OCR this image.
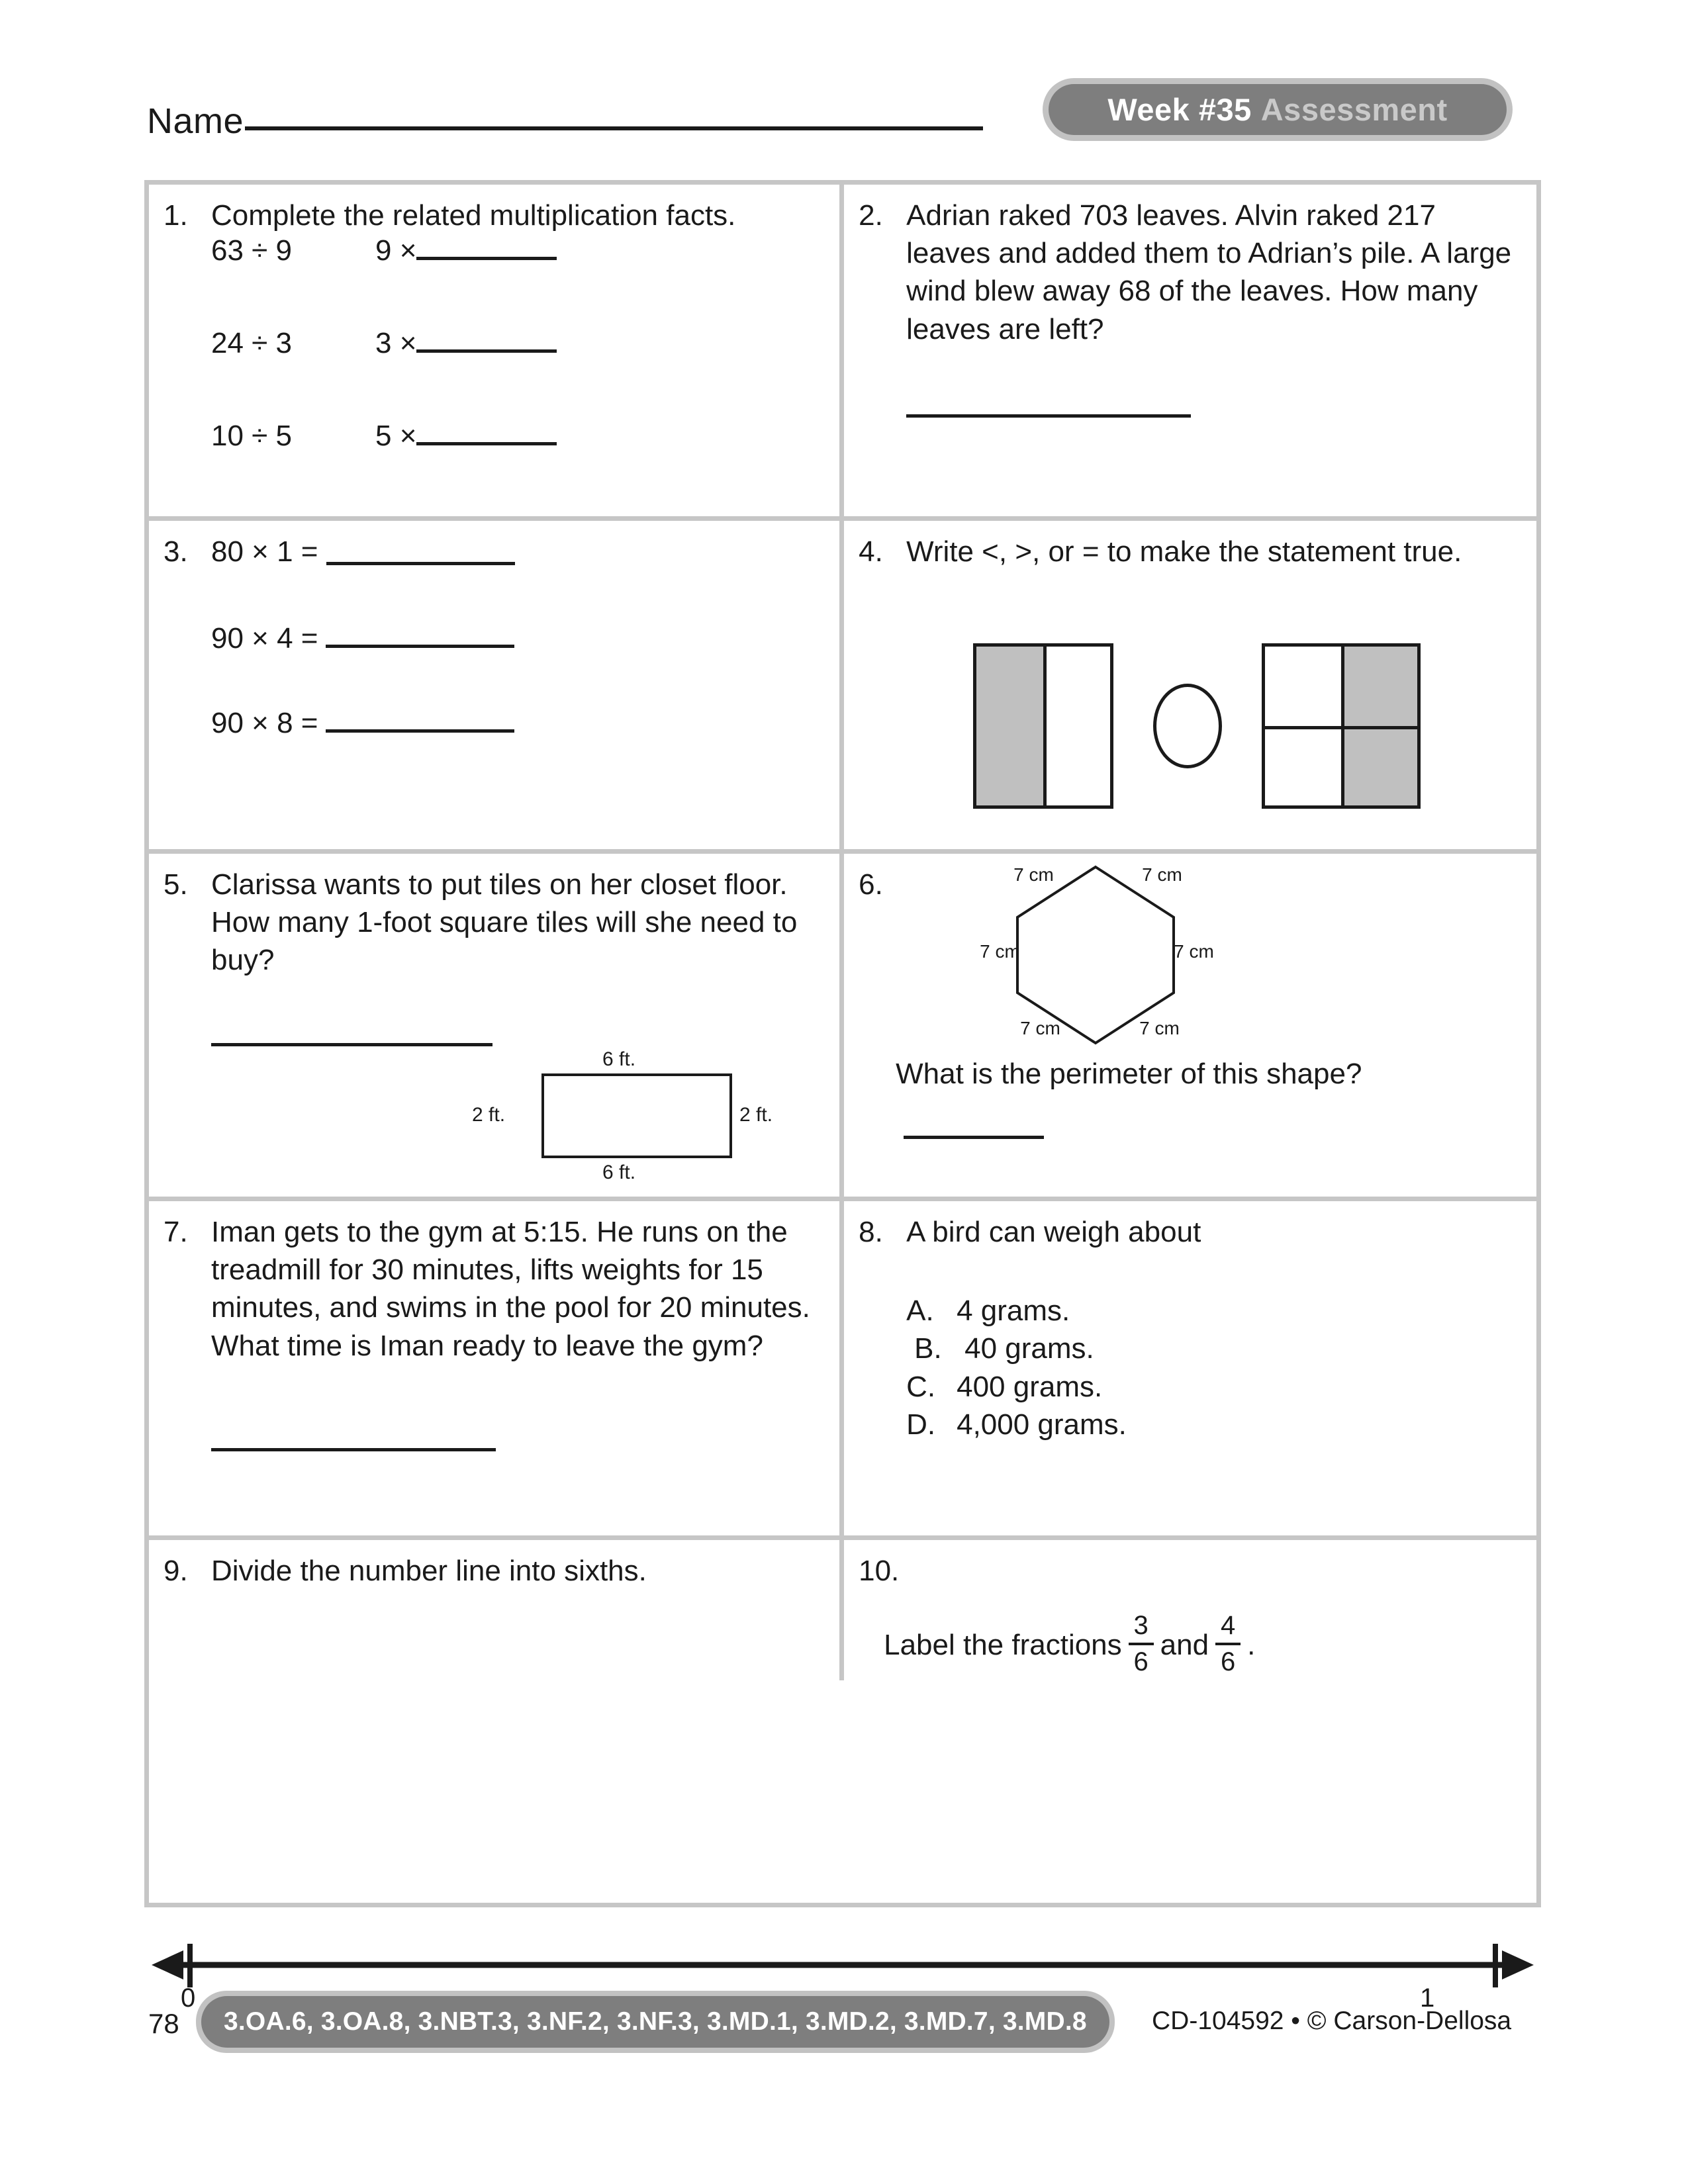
Name	Week #35 Assessment
1. Complete the related multiplication facts.
63 ÷ 9	9 ×
24 ÷ 3	3 ×
10 ÷ 5	5 ×
2. Adrian raked 703 leaves. Alvin raked 217 leaves and added them to Adrian’s pile. A large wind blew away 68 of the leaves. How many leaves are left?
3. 80 × 1 =
90 × 4 =
90 × 8 =
4. Write <, >, or = to make the statement true.
5. Clarissa wants to put tiles on her closet floor. How many 1-foot square tiles will she need to buy?
6 ft.
6 ft.
2 ft.	2 ft.
6.	7 cm	7 cm
7 cm	7 cm
7 cm	7 cm
What is the perimeter of this shape?
7. Iman gets to the gym at 5:15. He runs on the treadmill for 30 minutes, lifts weights for 15 minutes, and swims in the pool for 20 minutes. What time is Iman ready to leave the gym?
8. A bird can weigh about
A. 4 grams.
B. 40 grams.
C. 400 grams.
D. 4,000 grams.
9. Divide the number line into sixths.	10.
Label the fractions $\frac{3}{6}$ and $\frac{4}{6}$ .
0	1
78 3.OA.6, 3.OA.8, 3.NBT.3, 3.NF.2, 3.NF.3, 3.MD.1, 3.MD.2, 3.MD.7, 3.MD.8	CD-104592 • © Carson-Dellosa
